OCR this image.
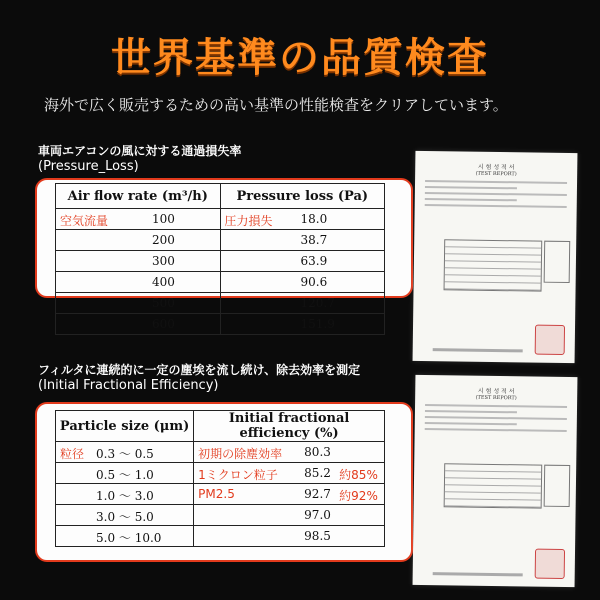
世界基準の品質検査
海外で広く販売するための高い基準の性能検査をクリアしています。
車両エアコンの風に対する通過損失率
(Pressure_Loss)
Air flow rate (m³/h)	Pressure loss (Pa)

空気流量 100	圧力損失 18.0

200	38.7

300	63.9

400	90.6

500	120.7

600	151.9
フィルタに連続的に一定の塵埃を流し続け、除去効率を測定
(Initial Fractional Efficiency)
Particle size (μm)	Initial fractional efficiency (%)

粒径 0.3 ～ 0.5	初期の除塵効率 80.3

0.5 ～ 1.0	1ミクロン粒子 85.2 約85%

1.0 ～ 3.0	PM2.5 92.7 約92%

3.0 ～ 5.0	97.0

5.0 ～ 10.0	98.5
시 험 성 적 서
(TEST REPORT)
시 험 성 적 서
(TEST REPORT)
